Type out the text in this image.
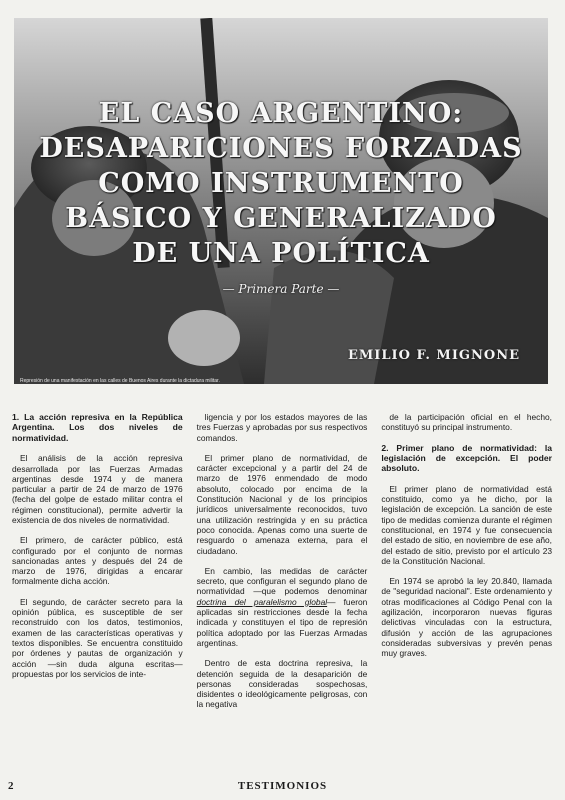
EL CASO ARGENTINO:
DESAPARICIONES FORZADAS
COMO INSTRUMENTO
BÁSICO Y GENERALIZADO
DE UNA POLÍTICA
— Primera Parte —
EMILIO F. MIGNONE
Represión de una manifestación en las calles de Buenos Aires durante la dictadura militar.
1. La acción represiva en la República Argentina. Los dos niveles de normatividad.

El análisis de la acción represiva desarrollada por las Fuerzas Armadas argentinas desde 1974 y de manera particular a partir de 24 de marzo de 1976 (fecha del golpe de estado militar contra el régimen constitucional), permite advertir la existencia de dos niveles de normatividad.

El primero, de carácter público, está configurado por el conjunto de normas sancionadas antes y después del 24 de marzo de 1976, dirigidas a encarar formalmente dicha acción.

El segundo, de carácter secreto para la opinión pública, es susceptible de ser reconstruido con los datos, testimonios, examen de las características operativas y textos disponibles. Se encuentra constituido por órdenes y pautas de organización y acción —sin duda alguna escritas— propuestas por los servicios de inte-

ligencia y por los estados mayores de las tres Fuerzas y aprobadas por sus respectivos comandos.

El primer plano de normatividad, de carácter excepcional y a partir del 24 de marzo de 1976 enmendado de modo absoluto, colocado por encima de la Constitución Nacional y de los principios jurídicos universalmente reconocidos, tuvo una utilización restringida y en su práctica poco conocida. Apenas como una suerte de resguardo o amenaza externa, para el ciudadano.

En cambio, las medidas de carácter secreto, que configuran el segundo plano de normatividad —que podemos denominar doctrina del paralelismo global— fueron aplicadas sin restricciones desde la fecha indicada y constituyen el tipo de represión política adoptado por las Fuerzas Armadas argentinas.

Dentro de esta doctrina represiva, la detención seguida de la desaparición de personas consideradas sospechosas, disidentes o ideológicamente peligrosas, con la negativa

de la participación oficial en el hecho, constituyó su principal instrumento.

2. Primer plano de normatividad: la legislación de excepción. El poder absoluto.

El primer plano de normatividad está constituido, como ya he dicho, por la legislación de excepción. La sanción de este tipo de medidas comienza durante el régimen constitucional, en 1974 y fue consecuencia del estado de sitio, en noviembre de ese año, del estado de sitio, previsto por el artículo 23 de la Constitución Nacional.

En 1974 se aprobó la ley 20.840, llamada de "seguridad nacional". Este ordenamiento y otras modificaciones al Código Penal con la agilización, incorporaron nuevas figuras delictivas vinculadas con la estructura, difusión y acción de las agrupaciones consideradas subversivas y prevén penas muy graves.

2	TESTIMONIOS
